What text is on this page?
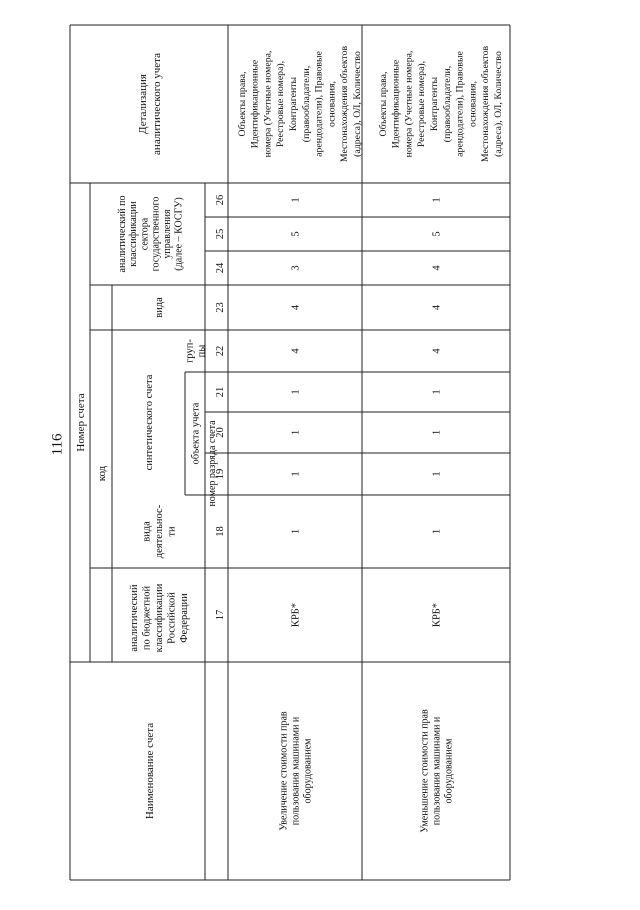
116 Номер счета
код
Наименование счета
Детализация аналитического учета
аналитический по бюджетной классификации Российской Федерации
вида деятельнос- ти
синтетического счета	объекта учета
груп- пы
вида
аналитический по классификации сектора государственного управления (далее – КОСГУ)
номер разряда счета
17
18
19
20
21
22
23
24
25
26
Увеличение стоимости прав пользования машинами и оборудованием
КРБ*
1
1
1
1
4
4
3
5
1
Объекты права, Идентификационные номера (Учетные номера, Реестровые номера), Контрагенты (правообладатели, арендодатели), Правовые основания, Местонахождения объектов (адреса), ОЛ, Количество
Уменьшение стоимости прав пользования машинами и оборудованием
КРБ*
1
1
1
1
4
4
4
5
1
Объекты права, Идентификационные номера (Учетные номера, Реестровые номера), Контрагенты (правообладатели, арендодатели), Правовые основания, Местонахождения объектов (адреса), ОЛ, Количество
